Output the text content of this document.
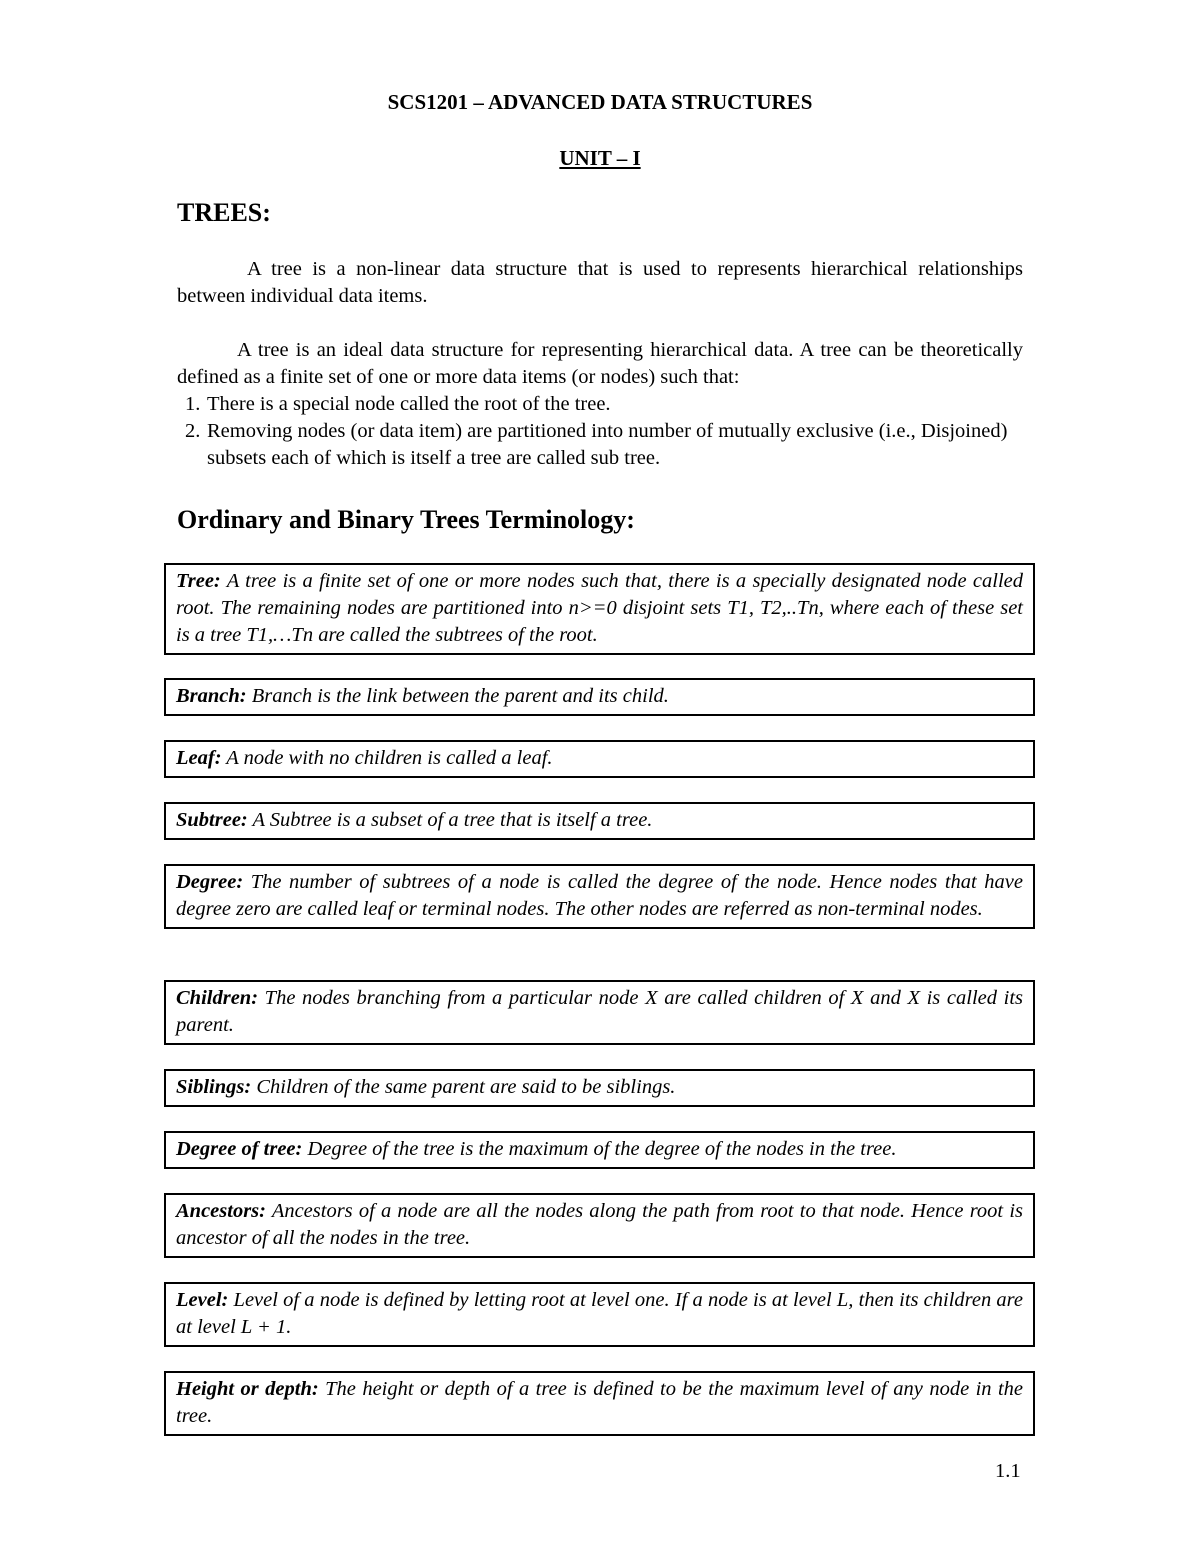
SCS1201 – ADVANCED DATA STRUCTURES
UNIT – I
TREES:
A tree is a non-linear data structure that is used to represents hierarchical relationships between individual data items.
A tree is an ideal data structure for representing hierarchical data. A tree can be theoretically defined as a finite set of one or more data items (or nodes) such that:
1. There is a special node called the root of the tree.
2. Removing nodes (or data item) are partitioned into number of mutually exclusive (i.e., Disjoined) subsets each of which is itself a tree are called sub tree.
Ordinary and Binary Trees Terminology:
Tree: A tree is a finite set of one or more nodes such that, there is a specially designated node called root. The remaining nodes are partitioned into n>=0 disjoint sets T1, T2,..Tn, where each of these set is a tree T1,…Tn are called the subtrees of the root.
Branch: Branch is the link between the parent and its child.
Leaf: A node with no children is called a leaf.
Subtree: A Subtree is a subset of a tree that is itself a tree.
Degree: The number of subtrees of a node is called the degree of the node. Hence nodes that have degree zero are called leaf or terminal nodes. The other nodes are referred as non-terminal nodes.
Children: The nodes branching from a particular node X are called children of X and X is called its parent.
Siblings: Children of the same parent are said to be siblings.
Degree of tree: Degree of the tree is the maximum of the degree of the nodes in the tree.
Ancestors: Ancestors of a node are all the nodes along the path from root to that node. Hence root is ancestor of all the nodes in the tree.
Level: Level of a node is defined by letting root at level one. If a node is at level L, then its children are at level L + 1.
Height or depth: The height or depth of a tree is defined to be the maximum level of any node in the tree.
1.1
